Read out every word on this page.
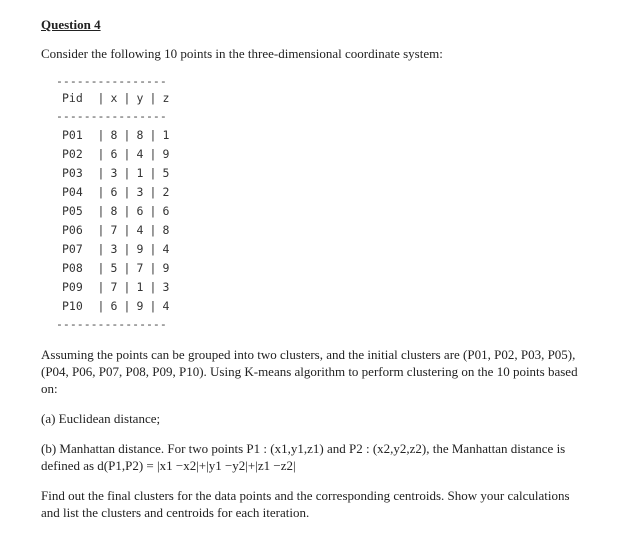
Question 4
Consider the following 10 points in the three-dimensional coordinate system:
----------------
Pid	| x | y | z
----------------
P01	| 8 | 8 | 1
P02	| 6 | 4 | 9
P03	| 3 | 1 | 5
P04	| 6 | 3 | 2
P05	| 8 | 6 | 6
P06	| 7 | 4 | 8
P07	| 3 | 9 | 4
P08	| 5 | 7 | 9
P09	| 7 | 1 | 3
P10	| 6 | 9 | 4
----------------
Assuming the points can be grouped into two clusters, and the initial clusters are (P01, P02, P03, P05), (P04, P06, P07, P08, P09, P10). Using K-means algorithm to perform clustering on the 10 points based on:
(a) Euclidean distance;
(b) Manhattan distance. For two points P1 : (x1,y1,z1) and P2 : (x2,y2,z2), the Manhattan distance is defined as d(P1,P2) = |x1 −x2|+|y1 −y2|+|z1 −z2|
Find out the final clusters for the data points and the corresponding centroids. Show your calculations and list the clusters and centroids for each iteration.
